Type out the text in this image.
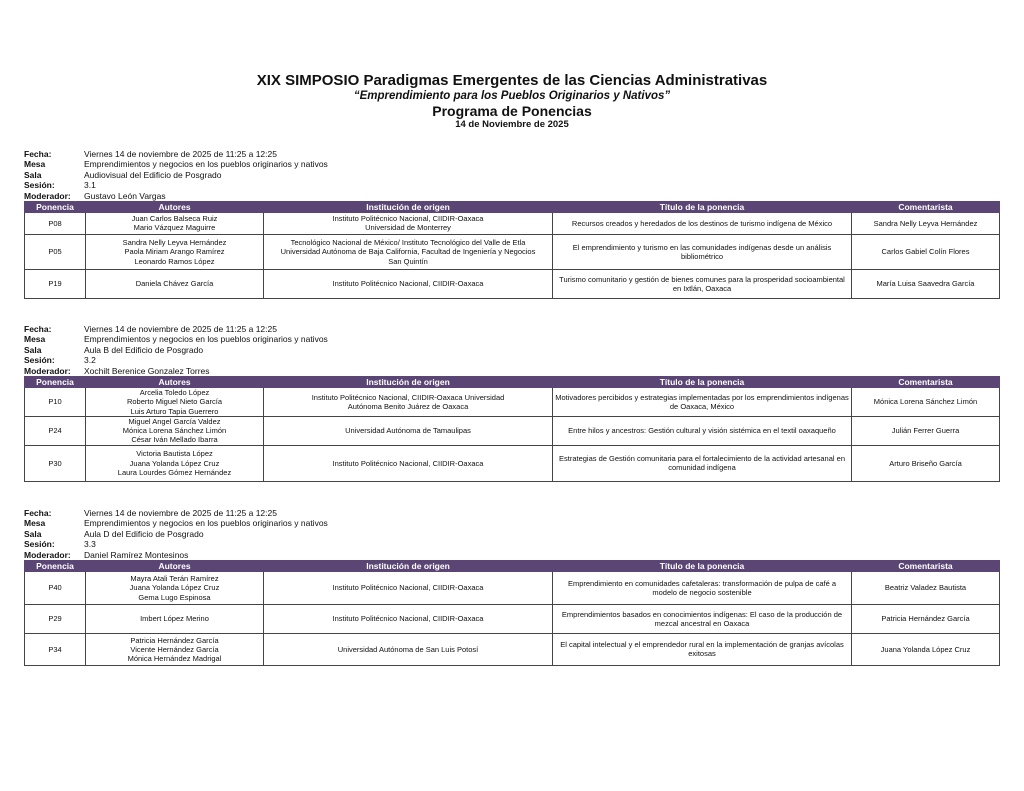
XIX SIMPOSIO Paradigmas Emergentes de las Ciencias Administrativas
“Emprendimiento para los Pueblos Originarios y Nativos”
Programa de Ponencias
14 de Noviembre de 2025
Fecha:	Viernes 14 de noviembre de 2025 de 11:25 a 12:25
Mesa	Emprendimientos y negocios en los pueblos originarios y nativos
Sala	Audiovisual del Edificio de Posgrado
Sesión:	3.1
Moderador:	Gustavo León Vargas
Ponencia	Autores	Institución de origen	Título de la ponencia	Comentarista
P08	Juan Carlos Balseca Ruiz
Mario Vázquez Maguirre	Instituto Politécnico Nacional, CIIDIR-Oaxaca
Universidad de Monterrey	Recursos creados y heredados de los destinos de turismo indígena de México	Sandra Nelly Leyva Hernández
P05	Sandra Nelly Leyva Hernández
Paola Miriam Arango Ramírez
Leonardo Ramos López	Tecnológico Nacional de México/ Instituto Tecnológico del Valle de Etla
Universidad Autónoma de Baja California, Facultad de Ingeniería y Negocios
San Quintín	El emprendimiento y turismo en las comunidades indígenas desde un análisis bibliométrico	Carlos Gabiel Colín Flores
P19	Daniela Chávez García	Instituto Politécnico Nacional, CIIDIR-Oaxaca	Turismo comunitario y gestión de bienes comunes para la prosperidad socioambiental en Ixtlán, Oaxaca	María Luisa Saavedra García
Fecha:	Viernes 14 de noviembre de 2025 de 11:25 a 12:25
Mesa	Emprendimientos y negocios en los pueblos originarios y nativos
Sala	Aula B del Edificio de Posgrado
Sesión:	3.2
Moderador:	Xochilt Berenice Gonzalez Torres
Ponencia	Autores	Institución de origen	Título de la ponencia	Comentarista
P10	Arcelia Toledo López
Roberto Miguel Nieto García
Luis Arturo Tapia Guerrero	Instituto Politécnico Nacional, CIIDIR-Oaxaca Universidad
Autónoma Benito Juárez de Oaxaca	Motivadores percibidos y estrategias implementadas por los emprendimientos indígenas de Oaxaca, México	Mónica Lorena Sánchez Limón
P24	Miguel Angel García Valdez
Mónica Lorena Sánchez Limón
César Iván Mellado Ibarra	Universidad Autónoma de Tamaulipas	Entre hilos y ancestros: Gestión cultural y visión sistémica en el textil oaxaqueño	Julián Ferrer Guerra
P30	Victoria Bautista López
Juana Yolanda López Cruz
Laura Lourdes Gómez Hernández	Instituto Politécnico Nacional, CIIDIR-Oaxaca	Estrategias de Gestión comunitaria para el fortalecimiento de la actividad artesanal en comunidad indígena	Arturo Briseño García
Fecha:	Viernes 14 de noviembre de 2025 de 11:25 a 12:25
Mesa	Emprendimientos y negocios en los pueblos originarios y nativos
Sala	Aula D del Edificio de Posgrado
Sesión:	3.3
Moderador:	Daniel Ramírez Montesinos
Ponencia	Autores	Institución de origen	Título de la ponencia	Comentarista
P40	Mayra Atali Terán Ramírez
Juana Yolanda López Cruz
Gema Lugo Espinosa	Instituto Politécnico Nacional, CIIDIR-Oaxaca	Emprendimiento en comunidades cafetaleras: transformación de pulpa de café a modelo de negocio sostenible	Beatriz Valadez Bautista
P29	Imbert López Merino	Instituto Politécnico Nacional, CIIDIR-Oaxaca	Emprendimientos basados en conocimientos indígenas: El caso de la producción de mezcal ancestral en Oaxaca	Patricia Hernández García
P34	Patricia Hernández García
Vicente Hernández García
Mónica Hernández Madrigal	Universidad Autónoma de San Luis Potosí	El capital intelectual y el emprendedor rural en la implementación de granjas avícolas exitosas	Juana Yolanda López Cruz
